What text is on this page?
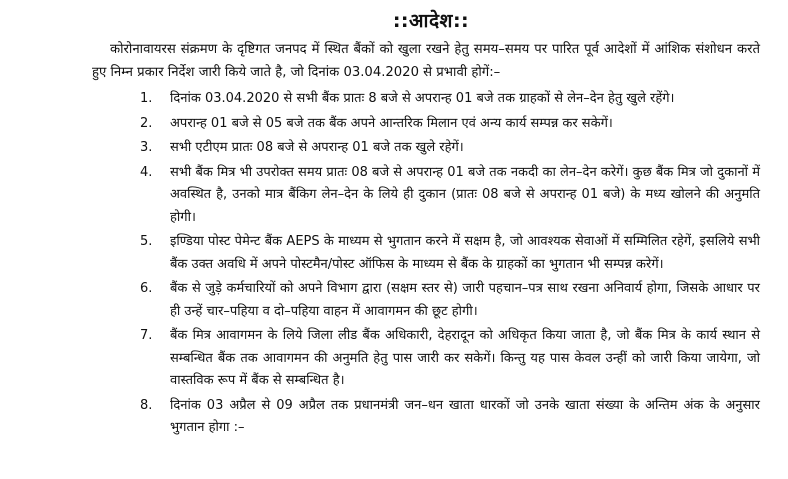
::आदेश::

कोरोनावायरस संक्रमण के दृष्टिगत जनपद में स्थित बैंकों को खुला रखने हेतु समय–समय पर पारित पूर्व आदेशों में आंशिक संशोधन करते हुए निम्न प्रकार निर्देश जारी किये जाते है, जो दिनांक 03.04.2020 से प्रभावी होगें:–

1. दिनांक 03.04.2020 से सभी बैंक प्रातः 8 बजे से अपरान्ह 01 बजे तक ग्राहकों से लेन–देन हेतु खुले रहेंगे।
2. अपरान्ह 01 बजे से 05 बजे तक बैंक अपने आन्तरिक मिलान एवं अन्य कार्य सम्पन्न कर सकेगें।
3. सभी एटीएम प्रातः 08 बजे से अपरान्ह 01 बजे तक खुले रहेगें।
4. सभी बैंक मित्र भी उपरोक्त समय प्रातः 08 बजे से अपरान्ह 01 बजे तक नकदी का लेन–देन करेगें। कुछ बैंक मित्र जो दुकानों में अवस्थित है, उनको मात्र बैंकिग लेन–देन के लिये ही दुकान (प्रातः 08 बजे से अपरान्ह 01 बजे) के मध्य खोलने की अनुमति होगी।
5. इण्डिया पोस्ट पेमेन्ट बैंक AEPS के माध्यम से भुगतान करने में सक्षम है, जो आवश्यक सेवाओं में सम्मिलित रहेगें, इसलिये सभी बैंक उक्त अवधि में अपने पोस्टमैन/पोस्ट ऑफिस के माध्यम से बैंक के ग्राहकों का भुगतान भी सम्पन्न करेगें।
6. बैंक से जुड़े कर्मचारियों को अपने विभाग द्वारा (सक्षम स्तर से) जारी पहचान–पत्र साथ रखना अनिवार्य होगा, जिसके आधार पर ही उन्हें चार–पहिया व दो–पहिया वाहन में आवागमन की छूट होगी।
7. बैंक मित्र आवागमन के लिये जिला लीड बैंक अधिकारी, देहरादून को अधिकृत किया जाता है, जो बैंक मित्र के कार्य स्थान से सम्बन्धित बैंक तक आवागमन की अनुमति हेतु पास जारी कर सकेगें। किन्तु यह पास केवल उन्हीं को जारी किया जायेगा, जो वास्तविक रूप में बैंक से सम्बन्धित है।
8. दिनांक 03 अप्रैल से 09 अप्रैल तक प्रधानमंत्री जन–धन खाता धारकों जो उनके खाता संख्या के अन्तिम अंक के अनुसार भुगतान होगा :–
